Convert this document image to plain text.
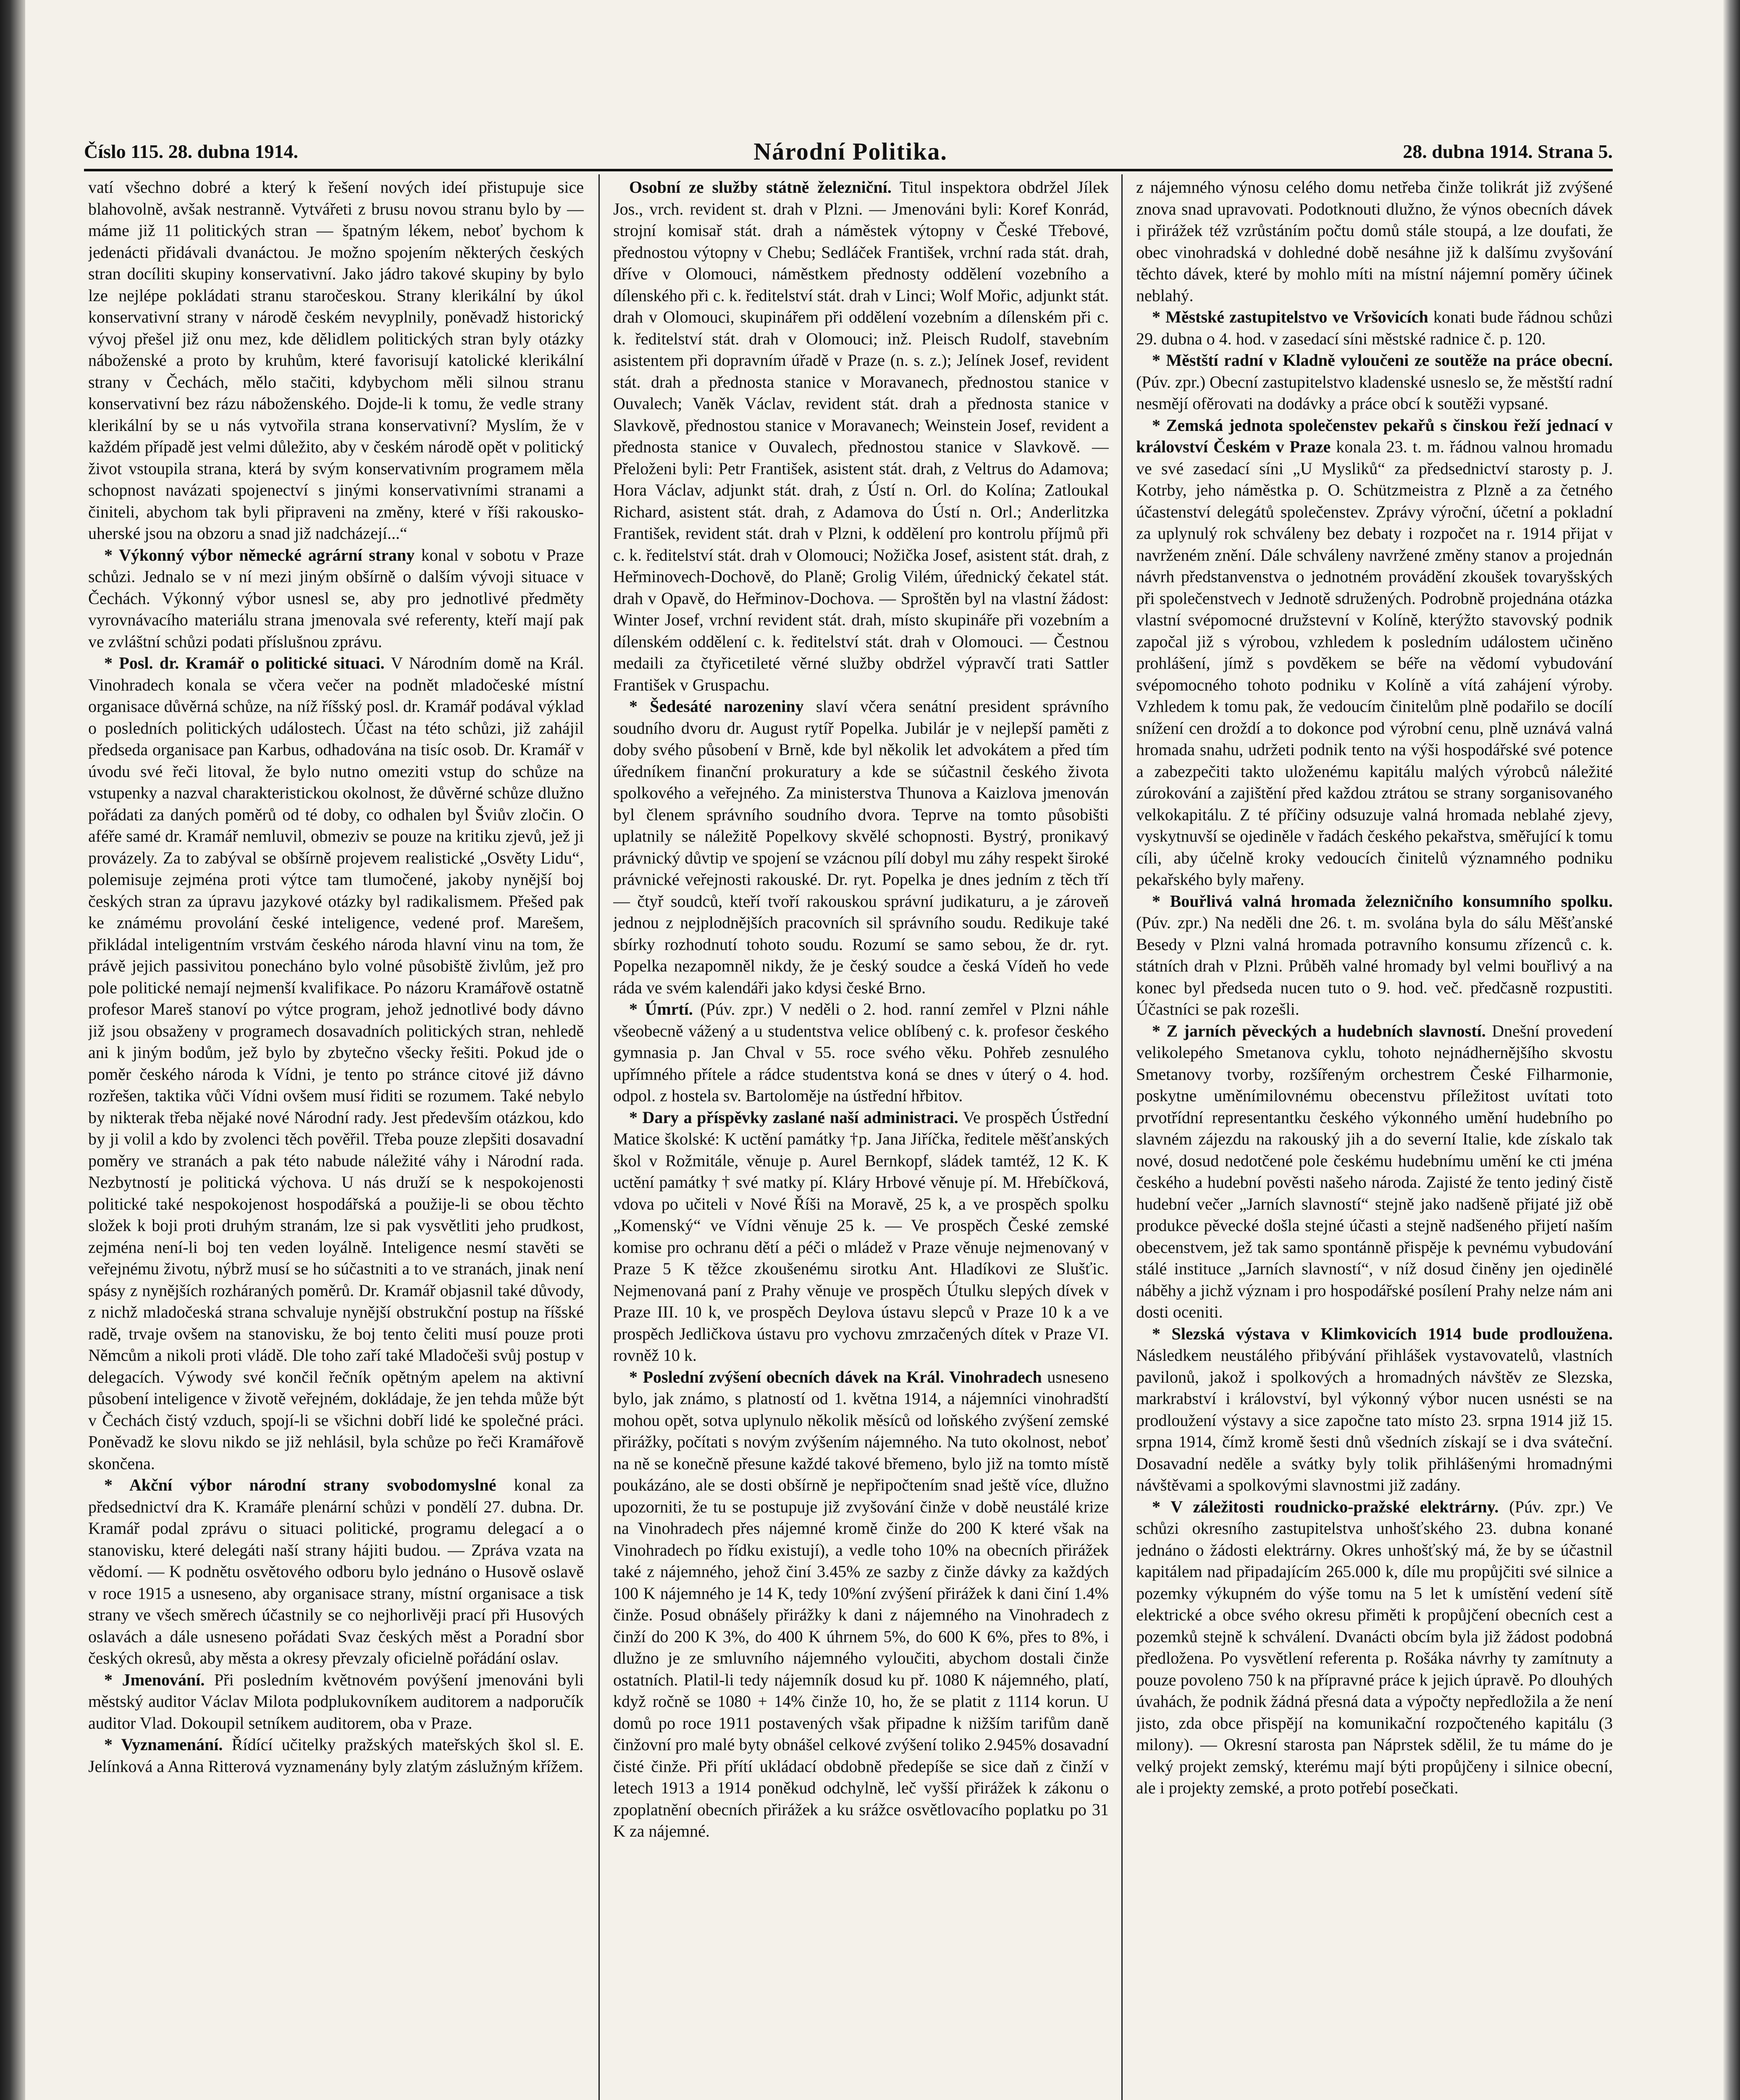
Číslo 115. 28. dubna 1914.	Národní Politika.	28. dubna 1914. Strana 5.

vatí všechno dobré a který k řešení nových ideí přistupuje sice blahovolně, avšak nestranně. Vytvářeti z brusu novou stranu bylo by — máme již 11 politických stran — špatným lékem, neboť bychom k jedenácti přidávali dvanáctou. Je možno spojením některých českých stran docíliti skupiny konservativní. Jako jádro takové skupiny by bylo lze nejlépe pokládati stranu staročeskou. Strany klerikální by úkol konservativní strany v národě českém nevyplnily, poněvadž historický vývoj přešel již onu mez, kde dělidlem politických stran byly otázky náboženské a proto by kruhům, které favorisují katolické klerikální strany v Čechách, mělo stačiti, kdybychom měli silnou stranu konservativní bez rázu náboženského. Dojde-li k tomu, že vedle strany klerikální by se u nás vytvořila strana konservativní? Myslím, že v každém případě jest velmi důležito, aby v českém národě opět v politický život vstoupila strana, která by svým konservativním programem měla schopnost navázati spojenectví s jinými konservativními stranami a činiteli, abychom tak byli připraveni na změny, které v říši rakousko-uherské jsou na obzoru a snad již nadcházejí...“

* Výkonný výbor německé agrární strany konal v sobotu v Praze schůzi. Jednalo se v ní mezi jiným obšírně o dalším vývoji situace v Čechách. Výkonný výbor usnesl se, aby pro jednotlivé předměty vyrovnávacího materiálu strana jmenovala své referenty, kteří mají pak ve zvláštní schůzi podati příslušnou zprávu.

* Posl. dr. Kramář o politické situaci. V Národním domě na Král. Vinohradech konala se včera večer na podnět mladočeské místní organisace důvěrná schůze, na níž říšský posl. dr. Kramář podával výklad o posledních politických událostech. Účast na této schůzi, již zahájil předseda organisace pan Karbus, odhadována na tisíc osob. Dr. Kramář v úvodu své řeči litoval, že bylo nutno omeziti vstup do schůze na vstupenky a nazval charakteristickou okolnost, že důvěrné schůze dlužno pořádati za daných poměrů od té doby, co odhalen byl Šviův zločin. O aféře samé dr. Kramář nemluvil, obmeziv se pouze na kritiku zjevů, jež ji provázely. Za to zabýval se obšírně projevem realistické „Osvěty Lidu“, polemisuje zejména proti výtce tam tlumočené, jakoby nynější boj českých stran za úpravu jazykové otázky byl radikalismem. Přešed pak ke známému provolání české inteligence, vedené prof. Marešem, přikládal inteligentním vrstvám českého národa hlavní vinu na tom, že právě jejich passivitou ponecháno bylo volné působiště živlům, jež pro pole politické nemají nejmenší kvalifikace. Po názoru Kramářově ostatně profesor Mareš stanoví po výtce program, jehož jednotlivé body dávno již jsou obsaženy v programech dosavadních politických stran, nehledě ani k jiným bodům, jež bylo by zbytečno všecky řešiti. Pokud jde o poměr českého národa k Vídni, je tento po stránce citové již dávno rozřešen, taktika vůči Vídni ovšem musí řiditi se rozumem. Také nebylo by nikterak třeba nějaké nové Národní rady. Jest především otázkou, kdo by ji volil a kdo by zvolenci těch pověřil. Třeba pouze zlepšiti dosavadní poměry ve stranách a pak této nabude náležité váhy i Národní rada. Nezbytností je politická výchova. U nás druží se k nespokojenosti politické také nespokojenost hospodářská a použije-li se obou těchto složek k boji proti druhým stranám, lze si pak vysvětliti jeho prudkost, zejména není-li boj ten veden loyálně. Inteligence nesmí stavěti se veřejnému životu, nýbrž musí se ho súčastniti a to ve stranách, jinak není spásy z nynějších rozháraných poměrů. Dr. Kramář objasnil také důvody, z nichž mladočeská strana schvaluje nynější obstrukční postup na říšské radě, trvaje ovšem na stanovisku, že boj tento čeliti musí pouze proti Němcům a nikoli proti vládě. Dle toho zaří také Mladočeši svůj postup v delegacích. Výwody své končil řečník opětným apelem na aktivní působení inteligence v životě veřejném, dokládaje, že jen tehda může být v Čechách čistý vzduch, spojí-li se všichni dobří lidé ke společné práci. Poněvadž ke slovu nikdo se již nehlásil, byla schůze po řeči Kramářově skončena.

* Akční výbor národní strany svobodomyslné konal za předsednictví dra K. Kramáře plenární schůzi v pondělí 27. dubna. Dr. Kramář podal zprávu o situaci politické, programu delegací a o stanovisku, které delegáti naší strany hájiti budou. — Zpráva vzata na vědomí. — K podnětu osvětového odboru bylo jednáno o Husově oslavě v roce 1915 a usneseno, aby organisace strany, místní organisace a tisk strany ve všech směrech účastnily se co nejhorlivěji prací při Husových oslavách a dále usneseno pořádati Svaz českých měst a Poradní sbor českých okresů, aby města a okresy převzaly oficielně pořádání oslav.

* Jmenování. Při posledním květnovém povýšení jmenováni byli městský auditor Václav Milota podplukovníkem auditorem a nadporučík auditor Vlad. Dokoupil setníkem auditorem, oba v Praze.

* Vyznamenání. Řídící učitelky pražských mateřských škol sl. E. Jelínková a Anna Ritterová vyznamenány byly zlatým záslužným křížem.

Osobní ze služby státně železniční. Titul inspektora obdržel Jílek Jos., vrch. revident st. drah v Plzni. — Jmenováni byli: Koref Konrád, strojní komisař stát. drah a náměstek výtopny v České Třebové, přednostou výtopny v Chebu; Sedláček František, vrchní rada stát. drah, dříve v Olomouci, náměstkem přednosty oddělení vozebního a dílenského při c. k. ředitelství stát. drah v Linci; Wolf Mořic, adjunkt stát. drah v Olomouci, skupinářem při oddělení vozebním a dílenském při c. k. ředitelství stát. drah v Olomouci; inž. Pleisch Rudolf, stavebním asistentem při dopravním úřadě v Praze (n. s. z.); Jelínek Josef, revident stát. drah a přednosta stanice v Moravanech, přednostou stanice v Ouvalech; Vaněk Václav, revident stát. drah a přednosta stanice v Slavkově, přednostou stanice v Moravanech; Weinstein Josef, revident a přednosta stanice v Ouvalech, přednostou stanice v Slavkově. — Přeloženi byli: Petr František, asistent stát. drah, z Veltrus do Adamova; Hora Václav, adjunkt stát. drah, z Ústí n. Orl. do Kolína; Zatloukal Richard, asistent stát. drah, z Adamova do Ústí n. Orl.; Anderlitzka František, revident stát. drah v Plzni, k oddělení pro kontrolu příjmů při c. k. ředitelství stát. drah v Olomouci; Nožička Josef, asistent stát. drah, z Heřminovech-Dochově, do Planě; Grolig Vilém, úřednický čekatel stát. drah v Opavě, do Heřminov-Dochova. — Sproštěn byl na vlastní žádost: Winter Josef, vrchní revident stát. drah, místo skupináře při vozebním a dílenském oddělení c. k. ředitelství stát. drah v Olomouci. — Čestnou medaili za čtyřicetileté věrné služby obdržel výpravčí trati Sattler František v Gruspachu.

* Šedesáté narozeniny slaví včera senátní president správního soudního dvoru dr. August rytíř Popelka. Jubilár je v nejlepší paměti z doby svého působení v Brně, kde byl několik let advokátem a před tím úředníkem finanční prokuratury a kde se súčastnil českého života spolkového a veřejného. Za ministerstva Thunova a Kaizlova jmenován byl členem správního soudního dvora. Teprve na tomto působišti uplatnily se náležitě Popelkovy skvělé schopnosti. Bystrý, pronikavý právnický důvtip ve spojení se vzácnou pílí dobyl mu záhy respekt široké právnické veřejnosti rakouské. Dr. ryt. Popelka je dnes jedním z těch tří — čtyř soudců, kteří tvoří rakouskou správní judikaturu, a je zároveň jednou z nejplodnějších pracovních sil správního soudu. Redikuje také sbírky rozhodnutí tohoto soudu. Rozumí se samo sebou, že dr. ryt. Popelka nezapomněl nikdy, že je český soudce a česká Vídeň ho vede ráda ve svém kalendáři jako kdysi české Brno.

* Úmrtí. (Púv. zpr.) V neděli o 2. hod. ranní zemřel v Plzni náhle všeobecně vážený a u studentstva velice oblíbený c. k. profesor českého gymnasia p. Jan Chval v 55. roce svého věku. Pohřeb zesnulého upřímného přítele a rádce studentstva koná se dnes v úterý o 4. hod. odpol. z hostela sv. Bartoloměje na ústřední hřbitov.

* Dary a příspěvky zaslané naší administraci. Ve prospěch Ústřední Matice školské: K uctění památky †p. Jana Jiříčka, ředitele měšťanských škol v Rožmitále, věnuje p. Aurel Bernkopf, sládek tamtéž, 12 K. K uctění památky † své matky pí. Kláry Hrbové věnuje pí. M. Hřebíčková, vdova po učiteli v Nové Říši na Moravě, 25 k, a ve prospěch spolku „Komenský“ ve Vídni věnuje 25 k. — Ve prospěch České zemské komise pro ochranu dětí a péči o mládež v Praze věnuje nejmenovaný v Praze 5 K těžce zkoušenému sirotku Ant. Hladíkovi ze Slušťic. Nejmenovaná paní z Prahy věnuje ve prospěch Útulku slepých dívek v Praze III. 10 k, ve prospěch Deylova ústavu slepců v Praze 10 k a ve prospěch Jedličkova ústavu pro vychovu zmrzačených dítek v Praze VI. rovněž 10 k.

* Poslední zvýšení obecních dávek na Král. Vinohradech usneseno bylo, jak známo, s platností od 1. května 1914, a nájemníci vinohradští mohou opět, sotva uplynulo několik měsíců od loňského zvýšení zemské přirážky, počítati s novým zvýšením nájemného. Na tuto okolnost, neboť na ně se konečně přesune každé takové břemeno, bylo již na tomto místě poukázáno, ale se dosti obšírně je nepřipočtením snad ještě více, dlužno upozorniti, že tu se postupuje již zvyšování činže v době neustálé krize na Vinohradech přes nájemné kromě činže do 200 K které však na Vinohradech po řídku existují), a vedle toho 10% na obecních přirážek také z nájemného, jehož činí 3.45% ze sazby z činže dávky za každých 100 K nájemného je 14 K, tedy 10%ní zvýšení přirážek k dani činí 1.4% činže. Posud obnášely přirážky k dani z nájemného na Vinohradech z činží do 200 K 3%, do 400 K úhrnem 5%, do 600 K 6%, přes to 8%, i dlužno je ze smluvního nájemného vyloučiti, abychom dostali činže ostatních. Platil-li tedy nájemník dosud ku př. 1080 K nájemného, platí, když ročně se 1080 + 14% činže 10, ho, že se platit z 1114 korun. U domů po roce 1911 postavených však připadne k nižším tarifům daně činžovní pro malé byty obnášel celkové zvýšení toliko 2.945% dosavadní čisté činže. Při přítí ukládací obdobně předepíše se sice daň z činží v letech 1913 a 1914 poněkud odchylně, leč vyšší přirážek k zákonu o zpoplatnění obecních přirážek a ku srážce osvětlovacího poplatku po 31 K za nájemné.

z nájemného výnosu celého domu netřeba činže tolikrát již zvýšené znova snad upravovati. Podotknouti dlužno, že výnos obecních dávek i přirážek též vzrůstáním počtu domů stále stoupá, a lze doufati, že obec vinohradská v dohledné době nesáhne již k dalšímu zvyšování těchto dávek, které by mohlo míti na místní nájemní poměry účinek neblahý.

* Městské zastupitelstvo ve Vršovicích konati bude řádnou schůzi 29. dubna o 4. hod. v zasedací síni městské radnice č. p. 120.

* Městští radní v Kladně vyloučeni ze soutěže na práce obecní. (Púv. zpr.) Obecní zastupitelstvo kladenské usneslo se, že městští radní nesmějí ofěrovati na dodávky a práce obcí k soutěži vypsané.

* Zemská jednota společenstev pekařů s činskou řeží jednací v království Českém v Praze konala 23. t. m. řádnou valnou hromadu ve své zasedací síni „U Mysliků“ za předsednictví starosty p. J. Kotrby, jeho náměstka p. O. Schützmeistra z Plzně a za četného účastenství delegátů společenstev. Zprávy výroční, účetní a pokladní za uplynulý rok schváleny bez debaty i rozpočet na r. 1914 přijat v navrženém znění. Dále schváleny navržené změny stanov a projednán návrh předstanvenstva o jednotném provádění zkoušek tovaryšských při společenstvech v Jednotě sdružených. Podrobně projednána otázka vlastní svépomocné družstevní v Kolíně, kterýžto stavovský podnik započal již s výrobou, vzhledem k posledním událostem učiněno prohlášení, jímž s povděkem se béře na vědomí vybudování svépomocného tohoto podniku v Kolíně a vítá zahájení výroby. Vzhledem k tomu pak, že vedoucím činitelům plně podařilo se docílí snížení cen droždí a to dokonce pod výrobní cenu, plně uznává valná hromada snahu, udržeti podnik tento na výši hospodářské své potence a zabezpečiti takto uloženému kapitálu malých výrobců náležité zúrokování a zajištění před každou ztrátou se strany sorganisovaného velkokapitálu. Z té příčiny odsuzuje valná hromada neblahé zjevy, vyskytnuvší se ojediněle v řadách českého pekařstva, směřující k tomu cíli, aby účelně kroky vedoucích činitelů významného podniku pekařského byly mařeny.

* Bouřlivá valná hromada železničního konsumního spolku. (Púv. zpr.) Na neděli dne 26. t. m. svolána byla do sálu Měšťanské Besedy v Plzni valná hromada potravního konsumu zřízenců c. k. státních drah v Plzni. Průběh valné hromady byl velmi bouřlivý a na konec byl předseda nucen tuto o 9. hod. več. předčasně rozpustiti. Účastníci se pak rozešli.

* Z jarních pěveckých a hudebních slavností. Dnešní provedení velikolepého Smetanova cyklu, tohoto nejnádhernějšího skvostu Smetanovy tvorby, rozšířeným orchestrem České Filharmonie, poskytne uměnímilovnému obecenstvu příležitost uvítati toto prvotřídní representantku českého výkonného umění hudebního po slavném zájezdu na rakouský jih a do severní Italie, kde získalo tak nové, dosud nedotčené pole českému hudebnímu umění ke cti jména českého a hudební pověsti našeho národa. Zajisté že tento jediný čistě hudební večer „Jarních slavností“ stejně jako nadšeně přijaté již obě produkce pěvecké došla stejné účasti a stejně nadšeného přijetí naším obecenstvem, jež tak samo spontánně přispěje k pevnému vybudování stálé instituce „Jarních slavností“, v níž dosud činěny jen ojedinělé náběhy a jichž význam i pro hospodářské posílení Prahy nelze nám ani dosti oceniti.

* Slezská výstava v Klimkovicích 1914 bude prodloužena. Následkem neustálého přibývání přihlášek vystavovatelů, vlastních pavilonů, jakož i spolkových a hromadných návštěv ze Slezska, markrabství i království, byl výkonný výbor nucen usnésti se na prodloužení výstavy a sice započne tato místo 23. srpna 1914 již 15. srpna 1914, čímž kromě šesti dnů všedních získají se i dva sváteční. Dosavadní neděle a svátky byly tolik přihlášenými hromadnými návštěvami a spolkovými slavnostmi již zadány.

* V záležitosti roudnicko-pražské elektrárny. (Púv. zpr.) Ve schůzi okresního zastupitelstva unhošťského 23. dubna konané jednáno o žádosti elektrárny. Okres unhošťský má, že by se účastnil kapitálem nad připadajícím 265.000 k, díle mu propůjčiti své silnice a pozemky výkupném do výše tomu na 5 let k umístění vedení sítě elektrické a obce svého okresu přiměti k propůjčení obecních cest a pozemků stejně k schválení. Dvanácti obcím byla již žádost podobná předložena. Po vysvětlení referenta p. Rošáka návrhy ty zamítnuty a pouze povoleno 750 k na přípravné práce k jejich úpravě. Po dlouhých úvahách, že podnik žádná přesná data a výpočty nepředložila a že není jisto, zda obce přispějí na komunikační rozpočteného kapitálu (3 milony). — Okresní starosta pan Náprstek sdělil, že tu máme do je velký projekt zemský, kterému mají býti propůjčeny i silnice obecní, ale i projekty zemské, a proto potřebí posečkati.
